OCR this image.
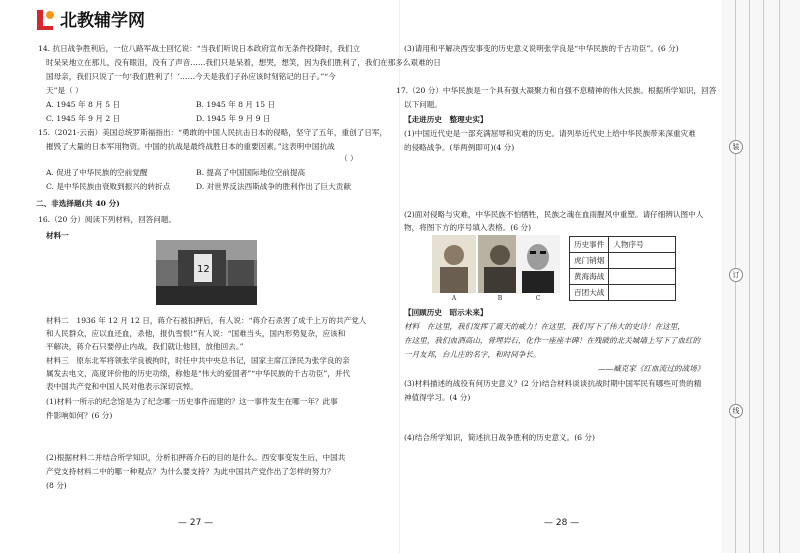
北教辅学网
14. 抗日战争胜利后，一位八路军战士回忆说：“当我们听说日本政府宣布无条件投降时，我们立
时呆呆地立在那儿，没有眼泪，没有了声音……我们只是呆着，想哭，想笑，因为我们胜利了，我们在那多么艰难的日
国母亲，我们只说了一句‘我们胜利了！’……今天是我们子孙应该时刻铭记的日子。”“今
天”是（ ）
A. 1945 年 8 月 5 日	B. 1945 年 8 月 15 日
C. 1945 年 9 月 2 日	D. 1945 年 9 月 9 日
15.（2021·云南）美国总统罗斯福指出：“勇敢的中国人民抗击日本的侵略，坚守了五年，重创了日军，
摧毁了大量的日本军用物资。中国的抗战是最终战胜日本的重要因素。”这表明中国抗战
（ ）
A. 促进了中华民族的空前觉醒	B. 提高了中国国际地位空前提高
C. 是中华民族由衰败到振兴的转折点	D. 对世界反法西斯战争的胜利作出了巨大贡献
二、非选择题(共 40 分)
16.（20 分）阅读下列材料，回答问题。
材料一
12
材料二　1936 年 12 月 12 日，蒋介石被扣押后，有人说：“蒋介石杀害了成千上万的共产党人
和人民群众，应以血还血，杀他，报仇雪恨!”有人说：“国难当头，国内形势复杂，应该和
平解决，蒋介石只要停止内战，我们就让他回，放他回去。”
材料三　原东北军将领张学良被拘时，时任中共中央总书记，国家主席江泽民为张学良的亲
属发去电文，高度评价他的历史功绩，称他是“伟大的爱国者”“中华民族的千古功臣”，并代
表中国共产党和中国人民对他表示深切哀悼。
(1)材料一所示的纪念馆是为了纪念哪一历史事件而建的？这一事件发生在哪一年？此事
件影响如何？(6 分)
(2)根据材料二并结合所学知识，分析扣押蒋介石的目的是什么。西安事变发生后，中国共
产党支持材料二中的哪一种观点？为什么要支持？为此中国共产党作出了怎样的努力？
(8 分)
— 27 —
(3)请用和平解决西安事变的历史意义说明张学良是“中华民族的千古功臣”。(6 分)
17.（20 分）中华民族是一个具有强大凝聚力和自强不息精神的伟大民族。根据所学知识，回答
以下问题。
【走进历史　整理史实】
(1)中国近代史是一部充满屈辱和灾难的历史。请列举近代史上给中华民族带来深重灾难
的侵略战争。(举两例即可)(4 分)
(2)面对侵略与灾难，中华民族不怕牺牲，民族之魂在血雨腥风中重塑。请仔细辨认图中人
物，将图下方的序号填入表格。(6 分)
A	B	C
历史事件	人物序号
虎门销烟	
黄海海战	
百团大战	
【回顾历史　昭示未来】
材料　在这里，我们发挥了震天的威力！在这里，我们写下了伟大的史诗！在这里，
在这里，我们血洒高山，骨埋岩石，化作一座座丰碑！在残破的北关城墙上写下了血红的
一月友邦，台儿庄的名字，和时间争长。
——臧克家《红血流过的战场》
(3)材料描述的战役有何历史意义？(2 分)结合材料谈谈抗战时期中国军民有哪些可贵的精
神值得学习。(4 分)
(4)结合所学知识，简述抗日战争胜利的历史意义。(6 分)
— 28 —
装
订
线
